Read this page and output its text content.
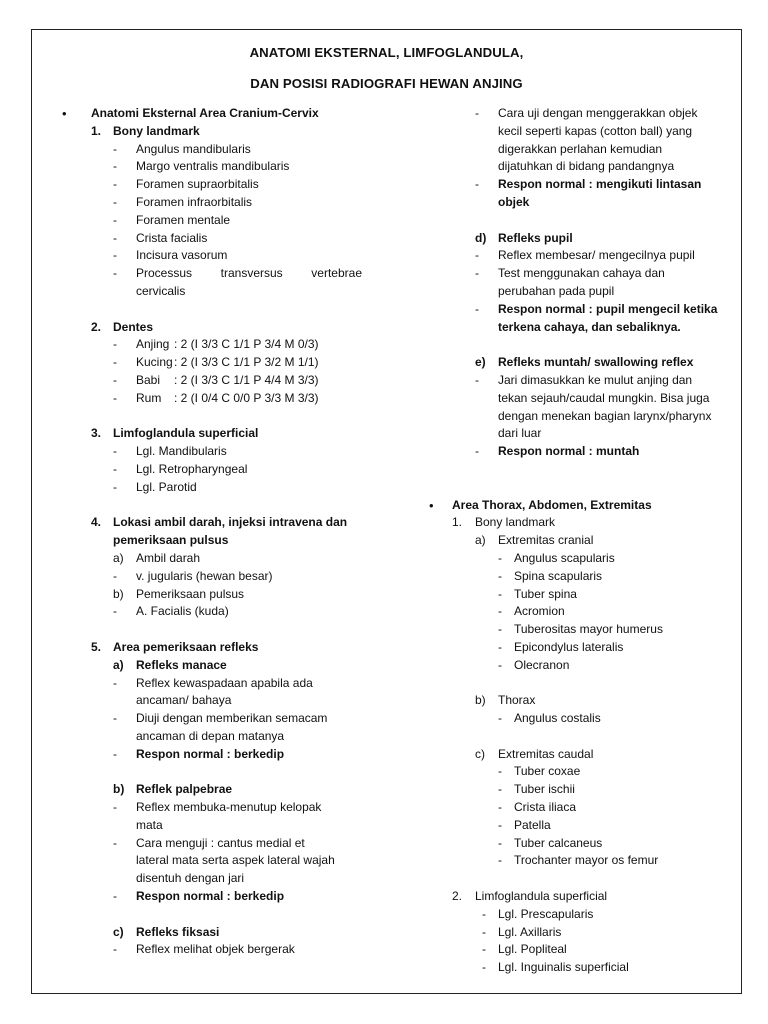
ANATOMI EKSTERNAL, LIMFOGLANDULA,
DAN POSISI RADIOGRAFI HEWAN ANJING
• Anatomi Eksternal Area Cranium-Cervix

1. Bony landmark

- Angulus mandibularis

- Margo ventralis mandibularis

- Foramen supraorbitalis

- Foramen infraorbitalis

- Foramen mentale

- Crista facialis

- Incisura vasorum

- Processus transversus vertebrae cervicalis

2. Dentes

- Anjing : 2 (I 3/3 C 1/1 P 3/4 M 0/3)

- Kucing: 2 (I 3/3 C 1/1 P 3/2 M 1/1)

- Babi : 2 (I 3/3 C 1/1 P 4/4 M 3/3)

- Rum : 2 (I 0/4 C 0/0 P 3/3 M 3/3)

3. Limfoglandula superficial

- Lgl. Mandibularis

- Lgl. Retropharyngeal

- Lgl. Parotid

4. Lokasi ambil darah, injeksi intravena dan

pemeriksaan pulsus

a) Ambil darah

- v. jugularis (hewan besar)

b) Pemeriksaan pulsus

- A. Facialis (kuda)

5. Area pemeriksaan refleks

a) Refleks manace

- Reflex kewaspadaan apabila ada

ancaman/ bahaya

- Diuji dengan memberikan semacam

ancaman di depan matanya

- Respon normal : berkedip

b) Reflek palpebrae

- Reflex membuka-menutup kelopak

mata

- Cara menguji : cantus medial et

lateral mata serta aspek lateral wajah

disentuh dengan jari

- Respon normal : berkedip

c) Refleks fiksasi

- Reflex melihat objek bergerak

- Cara uji dengan menggerakkan objek

kecil seperti kapas (cotton ball) yang

digerakkan perlahan kemudian

dijatuhkan di bidang pandangnya

- Respon normal : mengikuti lintasan

objek

d) Refleks pupil

- Reflex membesar/ mengecilnya pupil

- Test menggunakan cahaya dan

perubahan pada pupil

- Respon normal : pupil mengecil ketika

terkena cahaya, dan sebaliknya.

e) Refleks muntah/ swallowing reflex

- Jari dimasukkan ke mulut anjing dan

tekan sejauh/caudal mungkin. Bisa juga

dengan menekan bagian larynx/pharynx

dari luar

- Respon normal : muntah

• Area Thorax, Abdomen, Extremitas

1. Bony landmark

a) Extremitas cranial

- Angulus scapularis

- Spina scapularis

- Tuber spina

- Acromion

- Tuberositas mayor humerus

- Epicondylus lateralis

- Olecranon

b) Thorax

- Angulus costalis

c) Extremitas caudal

- Tuber coxae

- Tuber ischii

- Crista iliaca

- Patella

- Tuber calcaneus

- Trochanter mayor os femur

2. Limfoglandula superficial

- Lgl. Prescapularis

- Lgl. Axillaris

- Lgl. Popliteal

- Lgl. Inguinalis superficial
